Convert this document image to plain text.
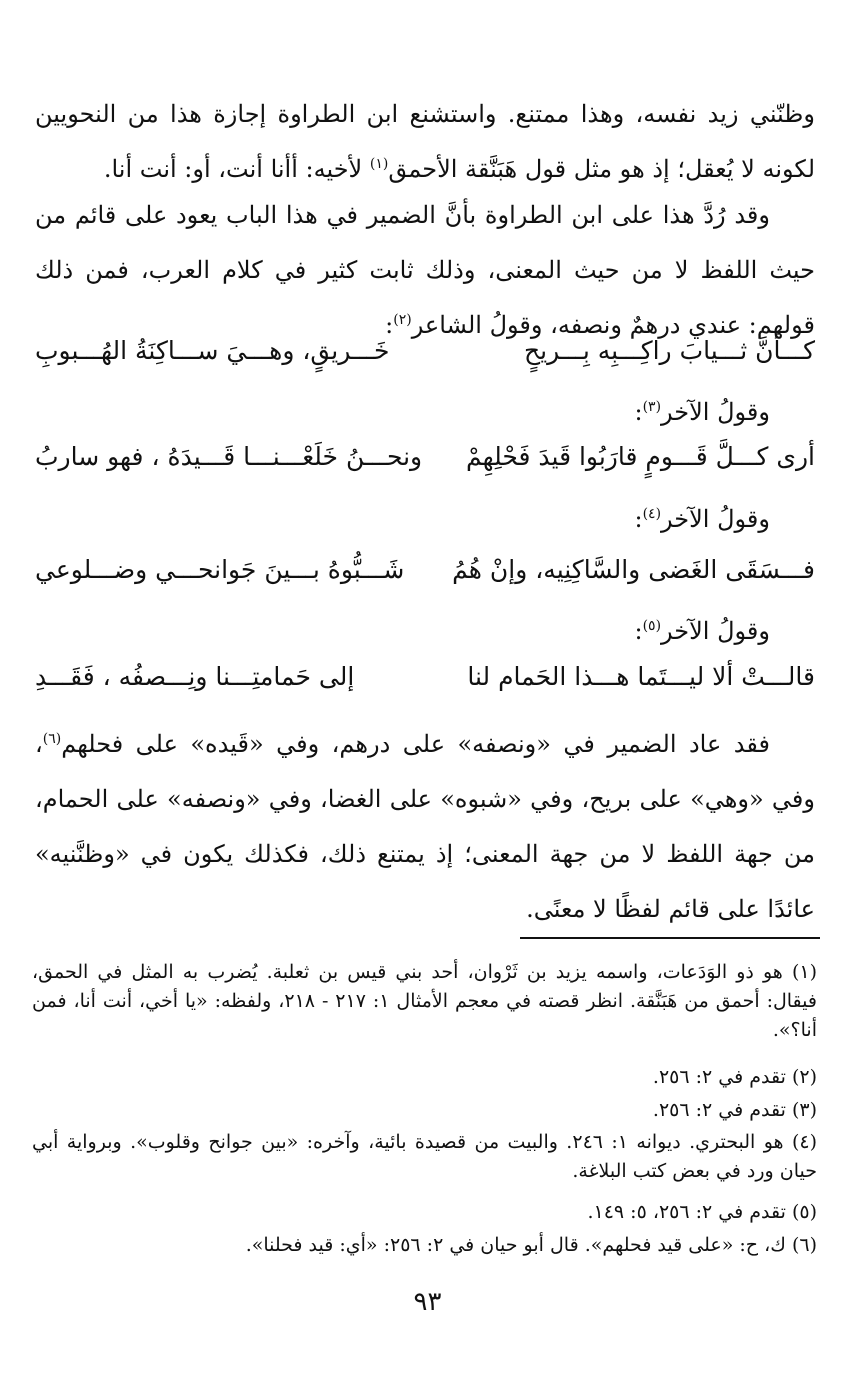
وظنّني زيد نفسه، وهذا ممتنع. واستشنع ابن الطراوة إجازة هذا من النحويين لكونه لا يُعقل؛ إذ هو مثل قول هَبَنَّقة الأحمق$^{(١)}$ لأخيه: أأنا أنت، أو: أنت أنا.

وقد رُدَّ هذا على ابن الطراوة بأنَّ الضمير في هذا الباب يعود على قائم من حيث اللفظ لا من حيث المعنى، وذلك ثابت كثير في كلام العرب، فمن ذلك قولهم: عندي درهمٌ ونصفه، وقولُ الشاعر$^{(٢)}$:

كـــأنَّ ثـــيابَ راكِـــبِه بِـــريحٍ
خَـــريقٍ، وهـــيَ ســـاكِنَةُ الهُـــبوبِ

وقولُ الآخر$^{(٣)}$:

أرى كـــلَّ قَـــومٍ قارَبُوا قَيدَ فَحْلِهِمْ
ونحـــنُ خَلَعْـــنـــا قَـــيدَهُ ، فهو ساربُ

وقولُ الآخر$^{(٤)}$:

فـــسَقَى الغَضى والسَّاكِنِيه، وإنْ هُمُ
شَـــبُّوهُ بـــينَ جَوانحـــي وضـــلوعي

وقولُ الآخر$^{(٥)}$:

قالـــتْ ألا ليـــتَما هـــذا الحَمام لنا
إلى حَمامتِـــنا ونِـــصفُه ، فَقَـــدِ

فقد عاد الضمير في «ونصفه» على درهم، وفي «قَيده» على فحلهم$^{(٦)}$، وفي «وهي» على بريح، وفي «شبوه» على الغضا، وفي «ونصفه» على الحمام، من جهة اللفظ لا من جهة المعنى؛ إذ يمتنع ذلك، فكذلك يكون في «وظنَّنيه» عائدًا على قائم لفظًا لا معنًى.

(١) هو ذو الوَدَعات، واسمه يزيد بن ثَرْوان، أحد بني قيس بن ثعلبة. يُضرب به المثل في الحمق، فيقال: أحمق من هَبَنَّقة. انظر قصته في معجم الأمثال ١: ٢١٧ - ٢١٨، ولفظه: «يا أخي، أنت أنا، فمن أنا؟».
(٢) تقدم في ٢: ٢٥٦.
(٣) تقدم في ٢: ٢٥٦.
(٤) هو البحتري. ديوانه ١: ٢٤٦. والبيت من قصيدة بائية، وآخره: «بين جوانح وقلوب». وبرواية أبي حيان ورد في بعض كتب البلاغة.
(٥) تقدم في ٢: ٢٥٦، ٥: ١٤٩.
(٦) ك، ح: «على قيد فحلهم». قال أبو حيان في ٢: ٢٥٦: «أي: قيد فحلنا».
٩٣
